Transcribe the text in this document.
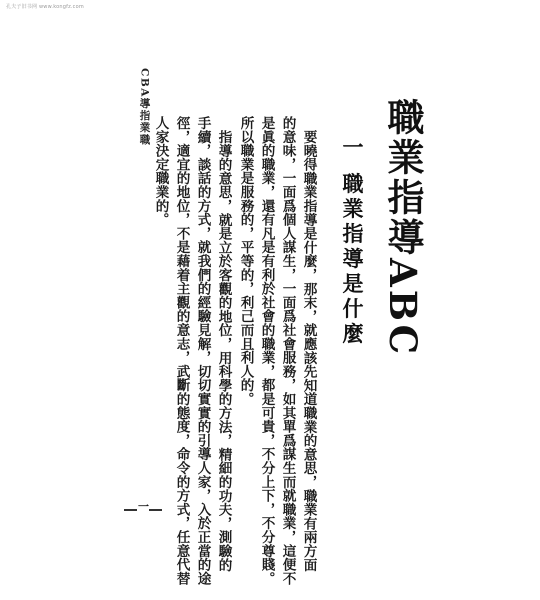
孔夫子旧书网 www.kongfz.com
職業指導ABC
一 職業指導是什麼
要曉得職業指導是什麼，那末，就應該先知道職業的意思，職業有兩方面
的意味，一面爲個人謀生，一面爲社會服務，如其單爲謀生而就職業，這便不
是眞的職業，還有凡是有利於社會的職業，都是可貴，不分上下，不分尊賤。
所以職業是服務的，平等的，利己而且利人的。
指導的意思，就是立於客觀的地位，用科學的方法，精細的功夫，測驗的
手續，談話的方式，就我們的經驗見解，切切實實的引導人家，入於正當的途
徑，適宜的地位，不是藉着主觀的意志，武斷的態度，命令的方式，任意代替
人家決定職業的。
CBA導指業職
一
